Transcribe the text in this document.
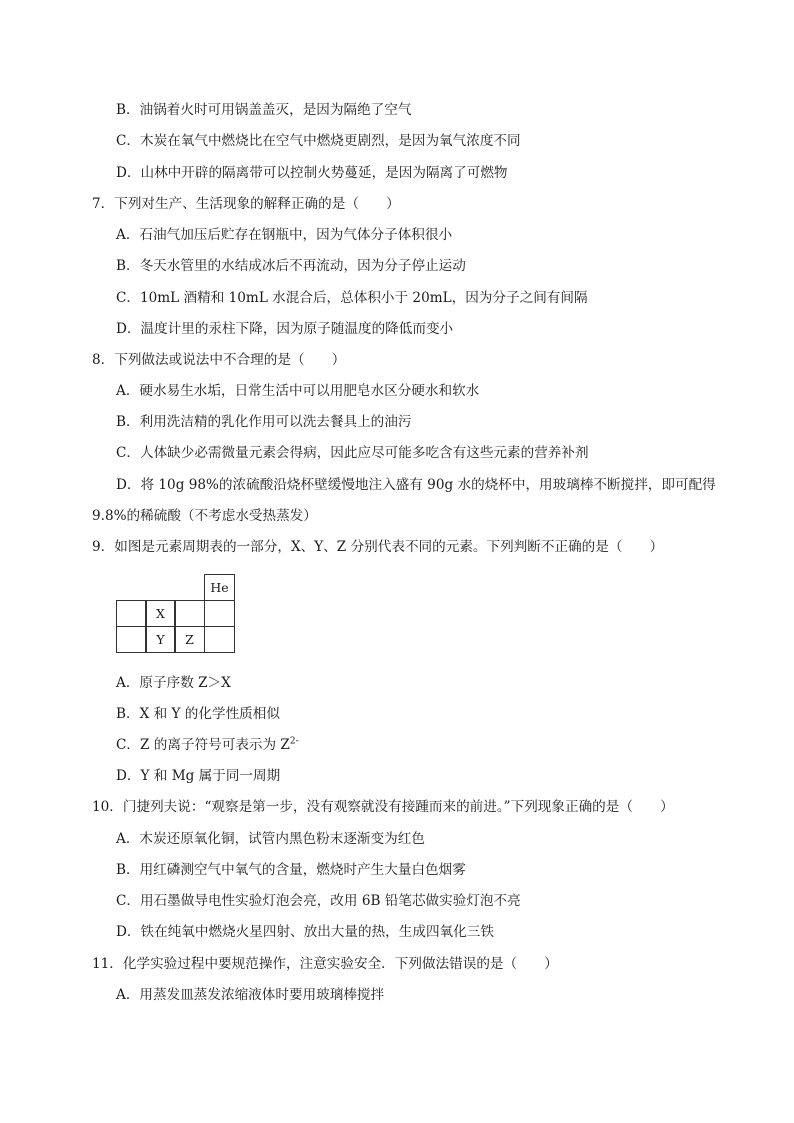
B．油锅着火时可用锅盖盖灭，是因为隔绝了空气
C．木炭在氧气中燃烧比在空气中燃烧更剧烈，是因为氧气浓度不同
D．山林中开辟的隔离带可以控制火势蔓延，是因为隔离了可燃物
7．下列对生产、生活现象的解释正确的是（　　）
A．石油气加压后贮存在钢瓶中，因为气体分子体积很小
B．冬天水管里的水结成冰后不再流动，因为分子停止运动
C．10mL 酒精和 10mL 水混合后，总体积小于 20mL，因为分子之间有间隔
D．温度计里的汞柱下降，因为原子随温度的降低而变小
8．下列做法或说法中不合理的是（　　）
A．硬水易生水垢，日常生活中可以用肥皂水区分硬水和软水
B．利用洗洁精的乳化作用可以洗去餐具上的油污
C．人体缺少必需微量元素会得病，因此应尽可能多吃含有这些元素的营养补剂
D．将 10g 98%的浓硫酸沿烧杯壁缓慢地注入盛有 90g 水的烧杯中，用玻璃棒不断搅拌，即可配得
9.8%的稀硫酸（不考虑水受热蒸发）
9．如图是元素周期表的一部分，X、Y、Z 分别代表不同的元素。下列判断不正确的是（　　）
He
X
Y	Z
A．原子序数 Z＞X
B．X 和 Y 的化学性质相似
C．Z 的离子符号可表示为 $Z^{2-}$
D．Y 和 Mg 属于同一周期
10．门捷列夫说：“观察是第一步，没有观察就没有接踵而来的前进。”下列现象正确的是（　　）
A．木炭还原氧化铜，试管内黑色粉末逐渐变为红色
B．用红磷测空气中氧气的含量，燃烧时产生大量白色烟雾
C．用石墨做导电性实验灯泡会亮，改用 6B 铅笔芯做实验灯泡不亮
D．铁在纯氧中燃烧火星四射、放出大量的热，生成四氧化三铁
11．化学实验过程中要规范操作，注意实验安全．下列做法错误的是（　　）
A．用蒸发皿蒸发浓缩液体时要用玻璃棒搅拌
